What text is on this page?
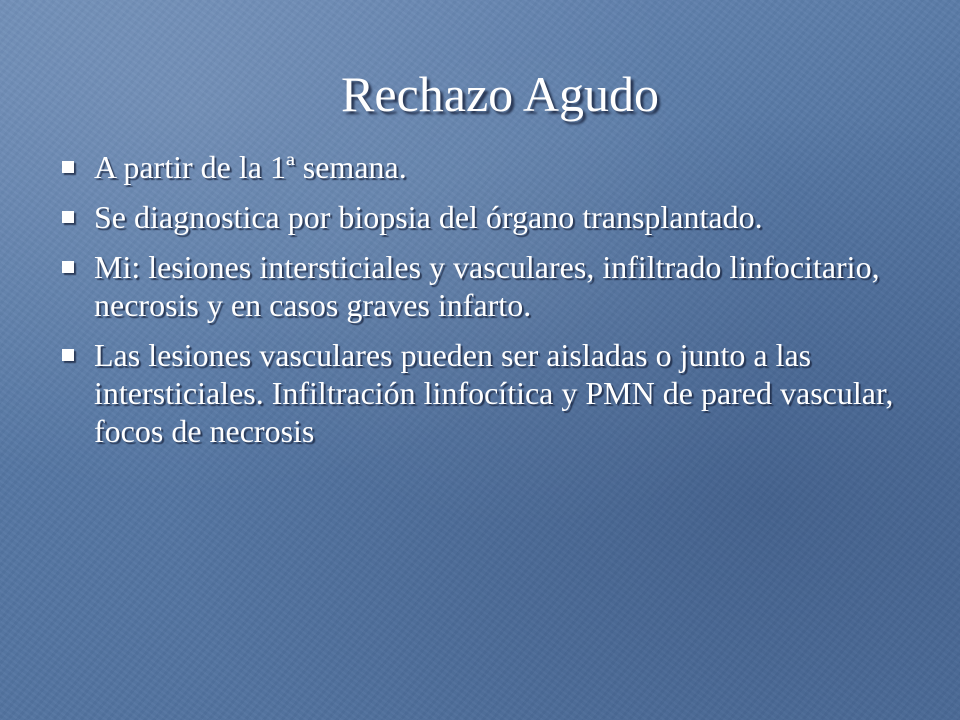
Rechazo Agudo
A partir de la 1ª semana.
Se diagnostica por biopsia del órgano transplantado.
Mi: lesiones intersticiales y vasculares, infiltrado linfocitario, necrosis y en casos graves infarto.
Las lesiones vasculares pueden ser aisladas o junto a las intersticiales. Infiltración linfocítica y PMN de pared vascular, focos de necrosis
